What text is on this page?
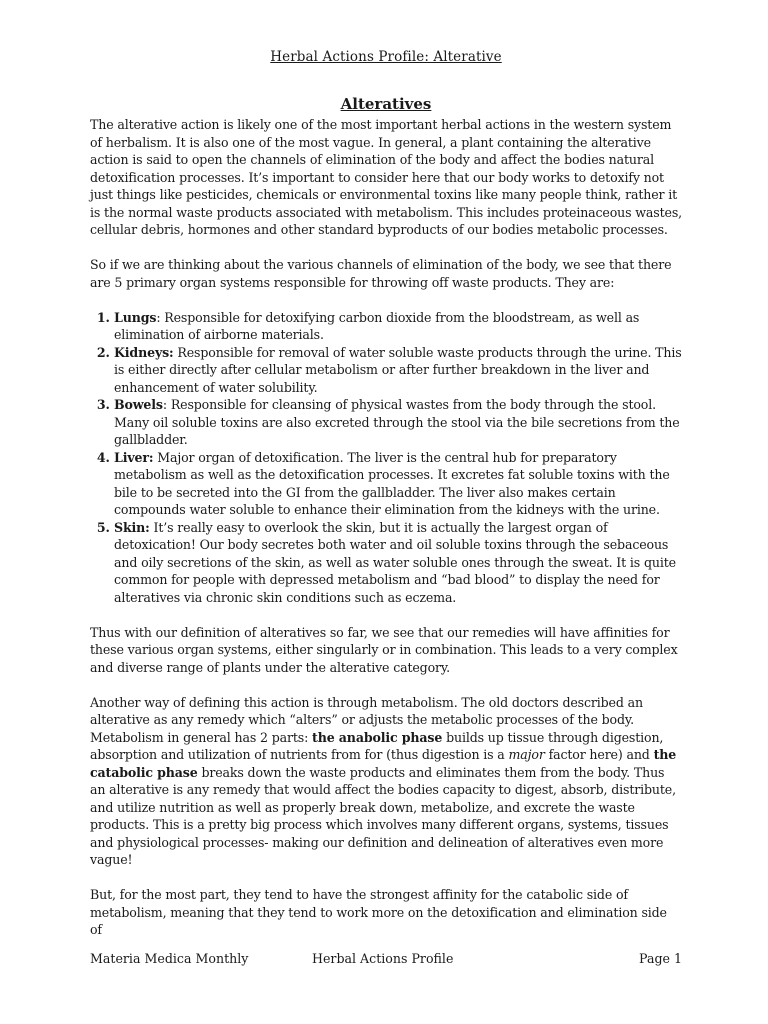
Herbal Actions Profile: Alterative
Alteratives

The alterative action is likely one of the most important herbal actions in the western system of herbalism. It is also one of the most vague. In general, a plant containing the alterative action is said to open the channels of elimination of the body and affect the bodies natural detoxification processes. It’s important to consider here that our body works to detoxify not just things like pesticides, chemicals or environmental toxins like many people think, rather it is the normal waste products associated with metabolism. This includes proteinaceous wastes, cellular debris, hormones and other standard byproducts of our bodies metabolic processes.

So if we are thinking about the various channels of elimination of the body, we see that there are 5 primary organ systems responsible for throwing off waste products. They are:

1. Lungs: Responsible for detoxifying carbon dioxide from the bloodstream, as well as elimination of airborne materials.
2. Kidneys: Responsible for removal of water soluble waste products through the urine. This is either directly after cellular metabolism or after further breakdown in the liver and enhancement of water solubility.
3. Bowels: Responsible for cleansing of physical wastes from the body through the stool. Many oil soluble toxins are also excreted through the stool via the bile secretions from the gallbladder.
4. Liver: Major organ of detoxification. The liver is the central hub for preparatory metabolism as well as the detoxification processes. It excretes fat soluble toxins with the bile to be secreted into the GI from the gallbladder. The liver also makes certain compounds water soluble to enhance their elimination from the kidneys with the urine.
5. Skin: It’s really easy to overlook the skin, but it is actually the largest organ of detoxication! Our body secretes both water and oil soluble toxins through the sebaceous and oily secretions of the skin, as well as water soluble ones through the sweat. It is quite common for people with depressed metabolism and “bad blood” to display the need for alteratives via chronic skin conditions such as eczema.

Thus with our definition of alteratives so far, we see that our remedies will have affinities for these various organ systems, either singularly or in combination. This leads to a very complex and diverse range of plants under the alterative category.

Another way of defining this action is through metabolism. The old doctors described an alterative as any remedy which “alters” or adjusts the metabolic processes of the body. Metabolism in general has 2 parts: the anabolic phase builds up tissue through digestion, absorption and utilization of nutrients from for (thus digestion is a major factor here) and the catabolic phase breaks down the waste products and eliminates them from the body. Thus an alterative is any remedy that would affect the bodies capacity to digest, absorb, distribute, and utilize nutrition as well as properly break down, metabolize, and excrete the waste products. This is a pretty big process which involves many different organs, systems, tissues and physiological processes- making our definition and delineation of alteratives even more vague!

But, for the most part, they tend to have the strongest affinity for the catabolic side of metabolism, meaning that they tend to work more on the detoxification and elimination side of

Materia Medica Monthly	Herbal Actions Profile	Page 1
